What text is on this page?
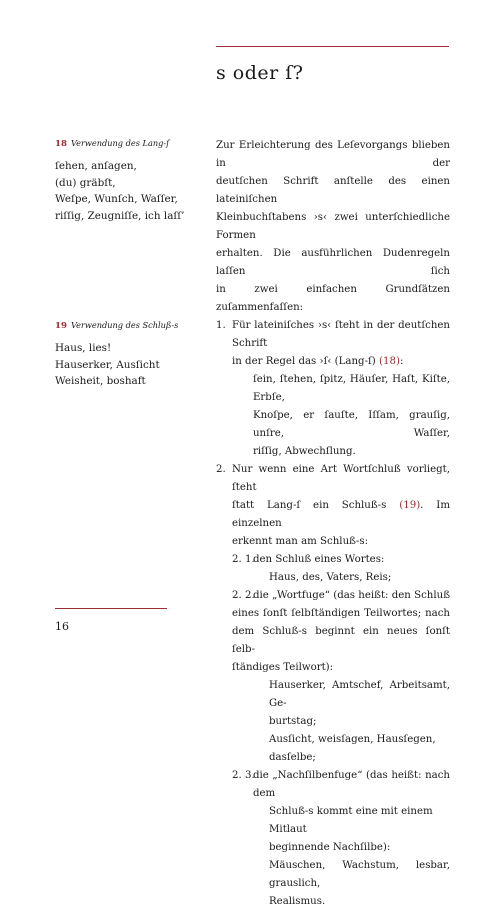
s oder ſ?
18 Verwendung des Lang-ſ
ſehen, anſagen,
(du) gräbſt,
Weſpe, Wunſch, Waſſer,
riſſig, Zeugniſſe, ich laſſ’
19 Verwendung des Schluß-s
Haus, lies!
Hauserker, Ausſicht
Weisheit, boshaft
Zur Erleichterung des Leſevorgangs blieben in der
deutſchen Schrift anſtelle des einen lateiniſchen
Kleinbuchſtabens ›s‹ zwei unterſchiedliche Formen
erhalten. Die ausführlichen Dudenregeln laſſen ſich
in zwei einfachen Grundſätzen zuſammenfaſſen:
1. Für lateiniſches ›s‹ ſteht in der deutſchen Schrift
in der Regel das ›ſ‹ (Lang-ſ) (18):
ſein, ſtehen, ſpitz, Häuſer, Haſt, Kiſte, Erbſe,
Knoſpe, er ſauſte, Iſſam, grauſig, unſre, Waſſer,
riſſig, Abwechſlung.
2. Nur wenn eine Art Wortſchluß vorliegt, ſteht
ſtatt Lang-ſ ein Schluß-s (19). Im einzelnen
erkennt man am Schluß-s:
2. 1.
den Schluß eines Wortes:
Haus, des, Vaters, Reis;
2. 2.
die „Wortfuge“ (das heißt: den Schluß
eines ſonſt ſelbſtändigen Teilwortes; nach
dem Schluß-s beginnt ein neues ſonſt ſelb-
ſtändiges Teilwort):
Hauserker, Amtschef, Arbeitsamt, Ge-
burtstag;
Ausſicht, weisſagen, Hausſegen, dasſelbe;
2. 3.
die „Nachſilbenfuge“ (das heißt: nach dem
Schluß-s kommt eine mit einem Mitlaut
beginnende Nachſilbe):
Mäuschen, Wachstum, lesbar, grauslich,
Realismus.
16
